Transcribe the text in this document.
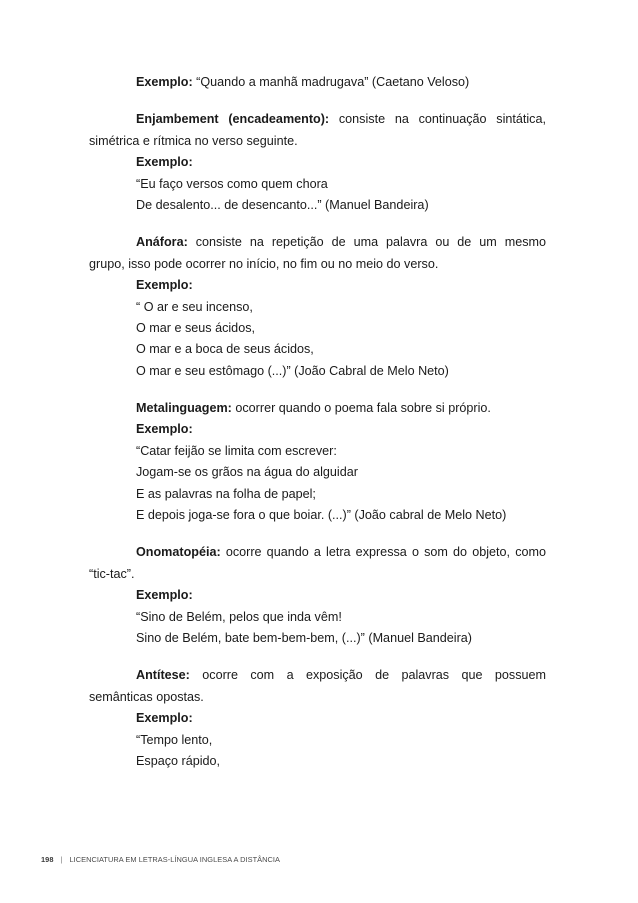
Exemplo: “Quando a manhã madrugava” (Caetano Veloso)
Enjambement (encadeamento): consiste na continuação sintática,
simétrica e rítmica no verso seguinte.
Exemplo:
“Eu faço versos como quem chora
De desalento... de desencanto...” (Manuel Bandeira)
Anáfora: consiste na repetição de uma palavra ou de um mesmo
grupo, isso pode ocorrer no início, no fim ou no meio do verso.
Exemplo:
“ O ar e seu incenso,
O mar e seus ácidos,
O mar e a boca de seus ácidos,
O mar e seu estômago (...)” (João Cabral de Melo Neto)
Metalinguagem: ocorrer quando o poema fala sobre si próprio.
Exemplo:
“Catar feijão se limita com escrever:
Jogam-se os grãos na água do alguidar
E as palavras na folha de papel;
E depois joga-se fora o que boiar. (...)” (João cabral de Melo Neto)
Onomatopéia: ocorre quando a letra expressa o som do objeto, como
“tic-tac”.
Exemplo:
“Sino de Belém, pelos que inda vêm!
Sino de Belém, bate bem-bem-bem, (...)” (Manuel Bandeira)
Antítese: ocorre com a exposição de palavras que possuem
semânticas opostas.
Exemplo:
“Tempo lento,
Espaço rápido,
198 | LICENCIATURA EM LETRAS-LÍNGUA INGLESA A DISTÂNCIA
